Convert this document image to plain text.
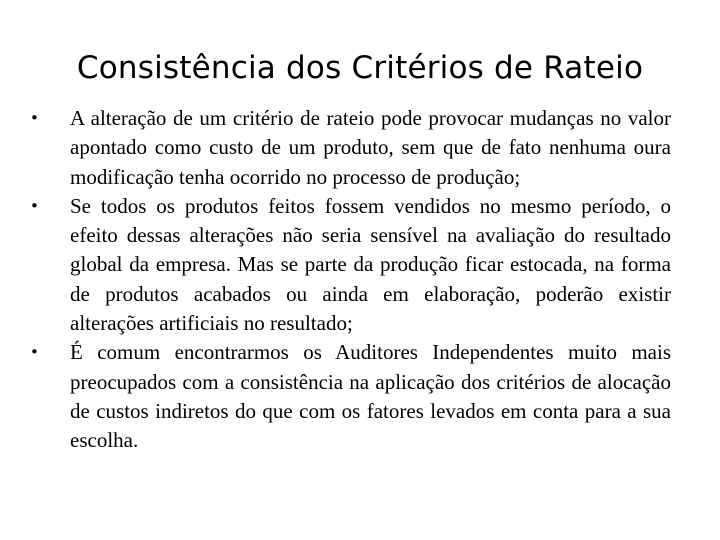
Consistência dos Critérios de Rateio
•	A alteração de um critério de rateio pode provocar mudanças no valor apontado como custo de um produto, sem que de fato nenhuma oura modificação tenha ocorrido no processo de produção;
•	Se todos os produtos feitos fossem vendidos no mesmo período, o efeito dessas alterações não seria sensível na avaliação do resultado global da empresa. Mas se parte da produção ficar estocada, na forma de produtos acabados ou ainda em elaboração, poderão existir alterações artificiais no resultado;
•	É comum encontrarmos os Auditores Independentes muito mais preocupados com a consistência na aplicação dos critérios de alocação de custos indiretos do que com os fatores levados em conta para a sua escolha.
